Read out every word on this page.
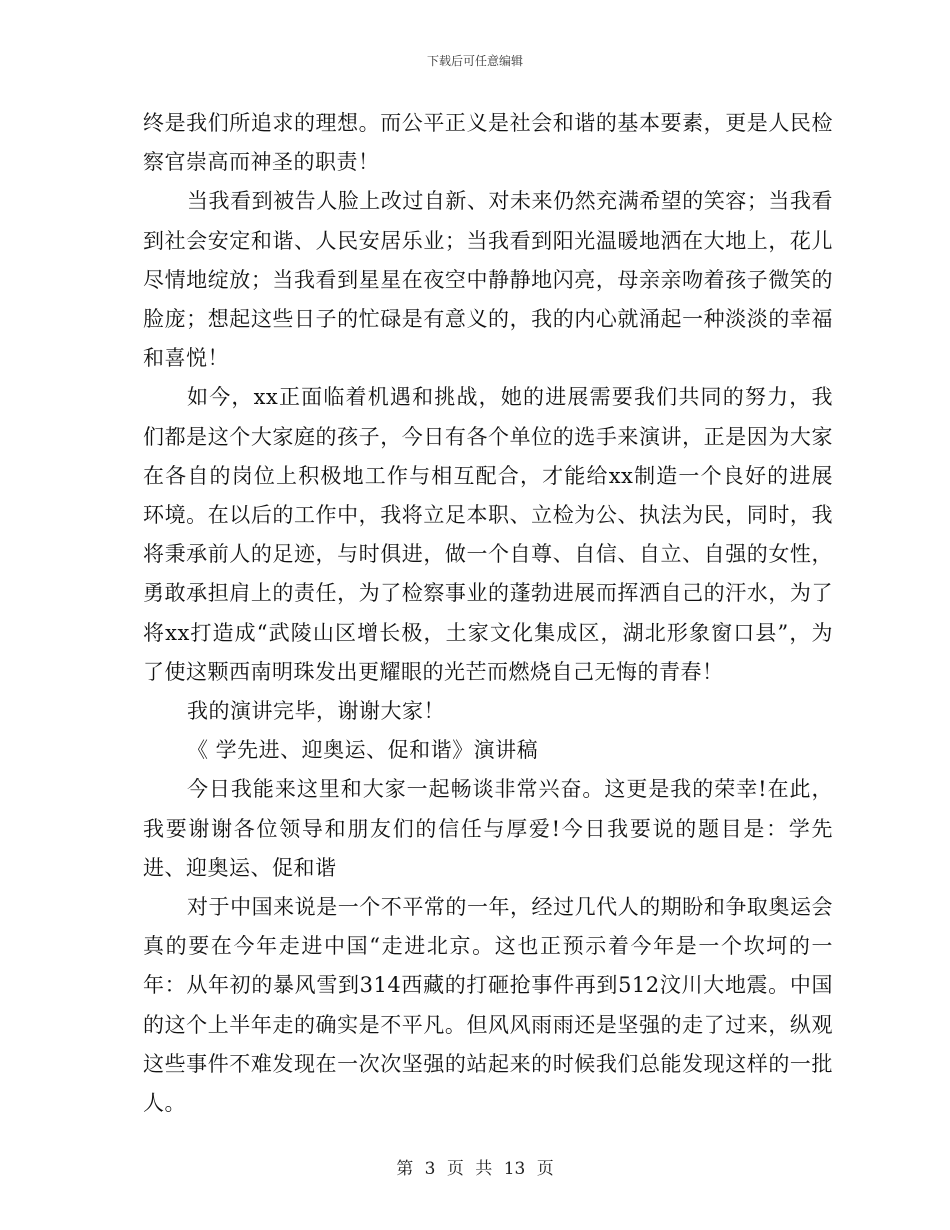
下载后可任意编辑

终是我们所追求的理想。而公平正义是社会和谐的基本要素，更是人民检察官崇高而神圣的职责！

当我看到被告人脸上改过自新、对未来仍然充满希望的笑容；当我看到社会安定和谐、人民安居乐业；当我看到阳光温暖地洒在大地上，花儿尽情地绽放；当我看到星星在夜空中静静地闪亮，母亲亲吻着孩子微笑的脸庞；想起这些日子的忙碌是有意义的，我的内心就涌起一种淡淡的幸福和喜悦！

如今，xx正面临着机遇和挑战，她的进展需要我们共同的努力，我们都是这个大家庭的孩子，今日有各个单位的选手来演讲，正是因为大家在各自的岗位上积极地工作与相互配合，才能给xx制造一个良好的进展环境。在以后的工作中，我将立足本职、立检为公、执法为民，同时，我将秉承前人的足迹，与时俱进，做一个自尊、自信、自立、自强的女性，勇敢承担肩上的责任，为了检察事业的蓬勃进展而挥洒自己的汗水，为了将xx打造成“武陵山区增长极，土家文化集成区，湖北形象窗口县”，为了使这颗西南明珠发出更耀眼的光芒而燃烧自己无悔的青春！

我的演讲完毕，谢谢大家！

《 学先进、迎奥运、促和谐》演讲稿

今日我能来这里和大家一起畅谈非常兴奋。这更是我的荣幸!在此，我要谢谢各位领导和朋友们的信任与厚爱!今日我要说的题目是：学先进、迎奥运、促和谐

对于中国来说是一个不平常的一年，经过几代人的期盼和争取奥运会真的要在今年走进中国“走进北京。这也正预示着今年是一个坎坷的一年：从年初的暴风雪到314西藏的打砸抢事件再到512汶川大地震。中国的这个上半年走的确实是不平凡。但风风雨雨还是坚强的走了过来，纵观这些事件不难发现在一次次坚强的站起来的时候我们总能发现这样的一批人。

第 3 页 共 13 页
